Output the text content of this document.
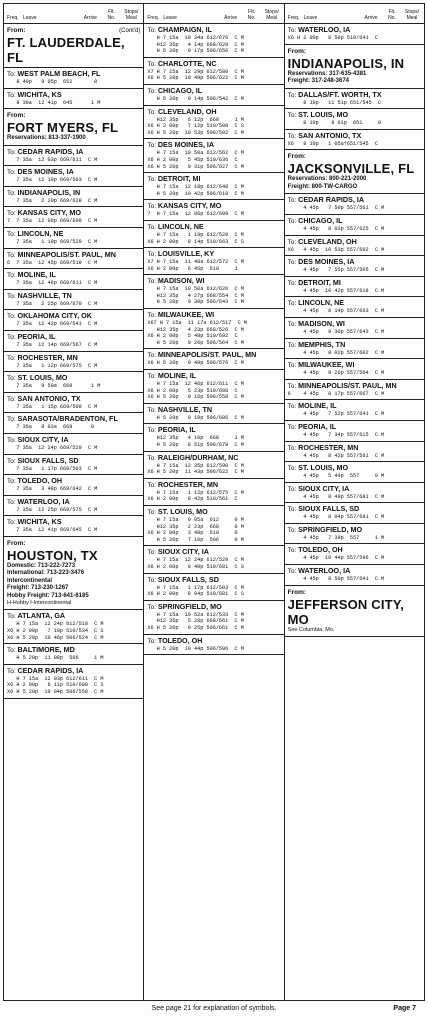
Freq. Leave	Arrive
Flt.
No.
Stops/
Meal
From:	(Cont'd)
FT. LAUDERDALE, FL
To: WEST PALM BEACH, FL
8 40p   9 05p  652       0
To: WICHITA, KS
8 30a  12 41p  645      1 M
From:
FORT MYERS, FL
Reservations: 813-337-1900
To: CEDAR RAPIDS, IA
7 35a  12 03p 669/611  C M
To: DES MOINES, IA
7 35a  12 10p 669/503  C M
To: INDIANAPOLIS, IN
7 35a   2 20p 669/628  C M
To: KANSAS CITY, MO
7  7 35a  12 06p 669/609  C M
To: LINCOLN, NE
7 35a   1 19p 669/529  C M
To: MINNEAPOLIS/ST. PAUL, MN
6  7 35a  12 45p 669/519  C M
To: MOLINE, IL
7 35a  12 46p 669/611  C M
To: NASHVILLE, TN
7 35a   2 25p 669/670  C M
To: OKLAHOMA CITY, OK
7 35a  12 42p 669/541  C M
To: PEORIA, IL
7 35a  12 14p 669/567  C M
To: ROCHESTER, MN
7 35a   1 12p 669/575  C M
To: ST. LOUIS, MO
7 35a   9 50a  669      1 M
To: SAN ANTONIO, TX
7 35a   1 15p 669/509  C M
To: SARASOTA/BRADENTON, FL
7 35a   8 03a  669      0
To: SIOUX CITY, IA
7 35a  12 24p 669/529  C M
To: SIOUX FALLS, SD
7 35a   1 17p 669/503  C M
To: TOLEDO, OH
7 35a   3 48p 669/642  C M
To: WATERLOO, IA
7 35a  12 25p 669/575  C M
To: WICHITA, KS
7 35a  12 41p 669/645  C M
From:
HOUSTON, TX
Domestic: 713-222-7273
International: 713-223-3476
Intercontinental
Freight: 713-230-1267
Hobby Freight: 713-641-6185
H-Hobby I-Intercontinental
To: ATLANTA, GA
H 7 15a  12 24p 612/518  C M
X6 H 2 00p   7 19p 510/534  C S
X6 H 5 20p  10 46p 506/524  C M
To: BALTIMORE, MD
H 5 20p  11 08p  506     1 M
To: CEDAR RAPIDS, IA
H 7 15a  12 03p 612/611  C M
X6 H 2 00p   6 11p 510/688  C S
X6 H 5 20p  10 04p 506/558  C M
Freq. Leave	Arrive
Flt.
No.
Stops/
Meal
To: CHAMPAIGN, IL
H 7 15a  10 34a 612/676  C M
H12 35p   4 14p 668/620  C M
H 5 20p   9 17p 506/656  C M
To: CHARLOTTE, NC
X7 H 7 15a  12 29p 612/580  C M
X6 H 5 20p  10 49p 506/622  C M
To: CHICAGO, IL
H 5 20p   9 14p 506/542  C M
To: CLEVELAND, OH
H12 35p   6 12p  668     1 M
X6 H 2 00p   7 12p 510/508  C S
X6 H 5 20p  10 53p 506/502  C M
To: DES MOINES, IA
H 7 15a  10 50a 612/562  C M
X6 H 2 00p   5 45p 510/636  C
X6 H 5 20p   9 31p 506/627  C M
To: DETROIT, MI
H 7 15a  12 18p 612/648  C M
H 5 20p  10 42p 506/618  C M
To: KANSAS CITY, MO
7  H 7 15a  12 06p 612/609  C M
To: LINCOLN, NE
H 7 15a   1 19p 612/529  C M
X6 H 2 00p   8 14p 510/663  C S
To: LOUISVILLE, KY
X7 H 7 15a  11 48a 612/572  C M
X6 H 2 00p   6 45p  510     1
To: MADISON, WI
H 7 15a  10 50a 612/626  C M
H12 35p   4 27p 668/554  C M
H 5 20p   9 30p 506/643  C M
To: MILWAUKEE, WI
X67 H 7 15a  11 17a 612/517  C M
H12 35p   4 23p 668/526  C M
X6 H 2 00p   5 48p 510/692  C
H 5 20p   9 26p 506/564  C M
To: MINNEAPOLIS/ST. PAUL, MN
X6 H 5 20p   9 49p 506/576  C M
To: MOLINE, IL
H 7 15a  12 46p 612/611  C M
X6 H 2 00p   5 23p 510/688  C
X6 H 5 20p   9 16p 506/558  C M
To: NASHVILLE, TN
H 5 20p   9 19p 506/686  C M
To: PEORIA, IL
H12 35p   4 10p  668     1 M
H 5 20p   8 51p 506/678  C M
To: RALEIGH/DURHAM, NC
H 7 15a  12 35p 612/590  C M
X6 H 5 20p  11 43p 506/622  C M
To: ROCHESTER, MN
H 7 15a   1 12p 612/575  C M
X6 H 2 00p   8 42p 510/561  C
To: ST. LOUIS, MO
H 7 15a   9 05a  612     0 M
H12 35p   2 23p  668     0 M
X6 H 2 00p   3 48p  510     0
H 5 20p   7 10p  506     0 M
To: SIOUX CITY, IA
H 7 15a  12 24p 612/529  C M
X6 H 2 00p   8 49p 510/681  C S
To: SIOUX FALLS, SD
H 7 15a   1 17p 612/503  C M
X6 H 2 00p   8 04p 510/681  C S
To: SPRINGFIELD, MO
H 7 15a  10 52a 612/533  C M
H12 35p   5 28p 668/661  C M
X6 H 5 20p   9 25p 506/661  C M
To: TOLEDO, OH
H 5 20p  10 44p 506/596  C M
Freq. Leave	Arrive
Flt.
No.
Stops/
Meal
To: WATERLOO, IA
X6 H 2 00p   8 50p 510/641  C
From:
INDIANAPOLIS, IN
Reservations: 317-635-4381
Freight: 317-248-3674
To: DALLAS/FT. WORTH, TX
8 10p   11 51p 651/545  C
To: ST. LOUIS, MO
8 10p    9 01p  651     0
To: SAN ANTONIO, TX
X6   8 10p   1 05a†651/545  C
From:
JACKSONVILLE, FL
Reservations: 800-221-2000
Freight: 800-TW-CARGO
To: CEDAR RAPIDS, IA
4 45p   7 50p 557/561  C M
To: CHICAGO, IL
4 45p   8 03p 557/625  C M
To: CLEVELAND, OH
X6   4 45p  10 53p 557/502  C M
To: DES MOINES, IA
4 45p   7 55p 557/505  C M
To: DETROIT, MI
4 45p  10 42p 557/618  C M
To: LINCOLN, NE
4 45p   8 14p 557/663  C M
To: MADISON, WI
4 45p   9 30p 557/643  C M
To: MEMPHIS, TN
4 45p   8 02p 557/602  C M
To: MILWAUKEE, WI
4 45p   9 26p 557/564  C M
To: MINNEAPOLIS/ST. PAUL, MN
6    4 45p   8 17p 557/667  C M
To: MOLINE, IL
4 45p   7 52p 557/641  C M
To: PEORIA, IL
4 45p   7 34p 557/615  C M
To: ROCHESTER, MN
4 45p   8 42p 557/561  C M
To: ST. LOUIS, MO
4 45p   5 49p  557     0 M
To: SIOUX CITY, IA
4 45p   8 49p 557/681  C M
To: SIOUX FALLS, SD
4 45p   8 04p 557/681  C M
To: SPRINGFIELD, MO
4 45p   7 39p  557     1 M
To: TOLEDO, OH
4 45p  10 44p 557/596  C M
To: WATERLOO, IA
4 45p   8 50p 557/641  C M
From:
JEFFERSON CITY, MO
See Columbia, Mo.
See page 21 for explanation of symbols.	Page 7
